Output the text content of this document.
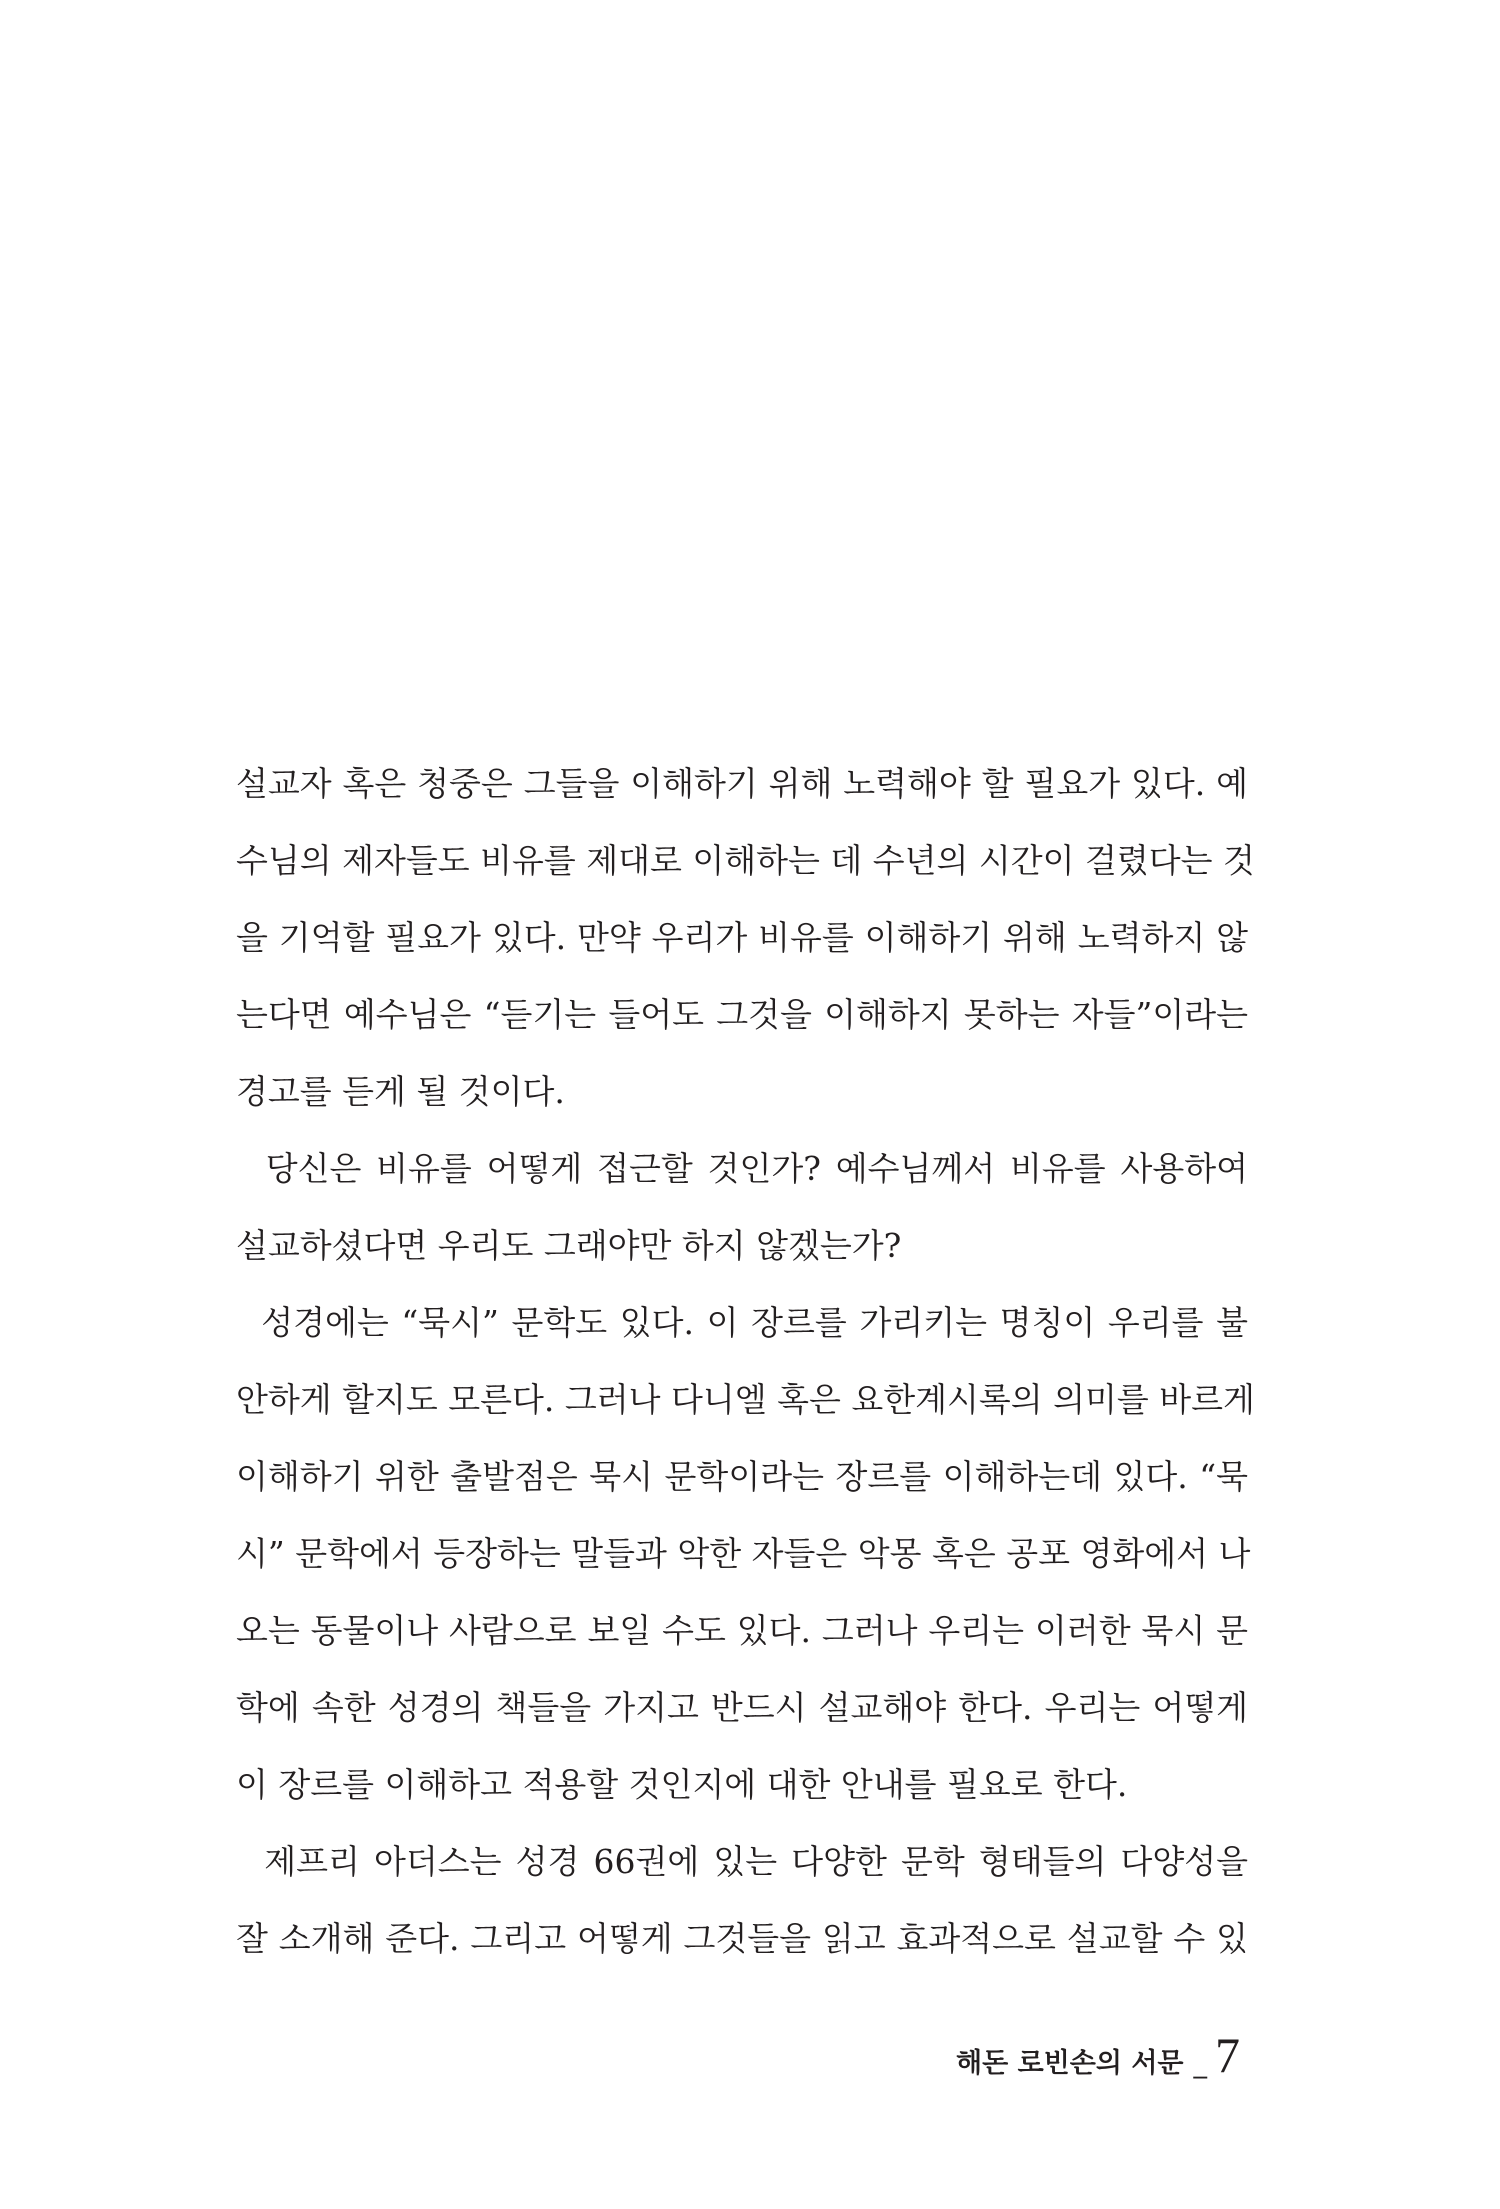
설교자 혹은 청중은 그들을 이해하기 위해 노력해야 할 필요가 있다. 예
수님의 제자들도 비유를 제대로 이해하는 데 수년의 시간이 걸렸다는 것
을 기억할 필요가 있다. 만약 우리가 비유를 이해하기 위해 노력하지 않
는다면 예수님은 “듣기는 들어도 그것을 이해하지 못하는 자들”이라는
경고를 듣게 될 것이다.
당신은 비유를 어떻게 접근할 것인가? 예수님께서 비유를 사용하여
설교하셨다면 우리도 그래야만 하지 않겠는가?
성경에는 “묵시” 문학도 있다. 이 장르를 가리키는 명칭이 우리를 불
안하게 할지도 모른다. 그러나 다니엘 혹은 요한계시록의 의미를 바르게
이해하기 위한 출발점은 묵시 문학이라는 장르를 이해하는데 있다. “묵
시” 문학에서 등장하는 말들과 악한 자들은 악몽 혹은 공포 영화에서 나
오는 동물이나 사람으로 보일 수도 있다. 그러나 우리는 이러한 묵시 문
학에 속한 성경의 책들을 가지고 반드시 설교해야 한다. 우리는 어떻게
이 장르를 이해하고 적용할 것인지에 대한 안내를 필요로 한다.
제프리 아더스는 성경 66권에 있는 다양한 문학 형태들의 다양성을
잘 소개해 준다. 그리고 어떻게 그것들을 읽고 효과적으로 설교할 수 있
해돈 로빈손의 서문 _ 7
